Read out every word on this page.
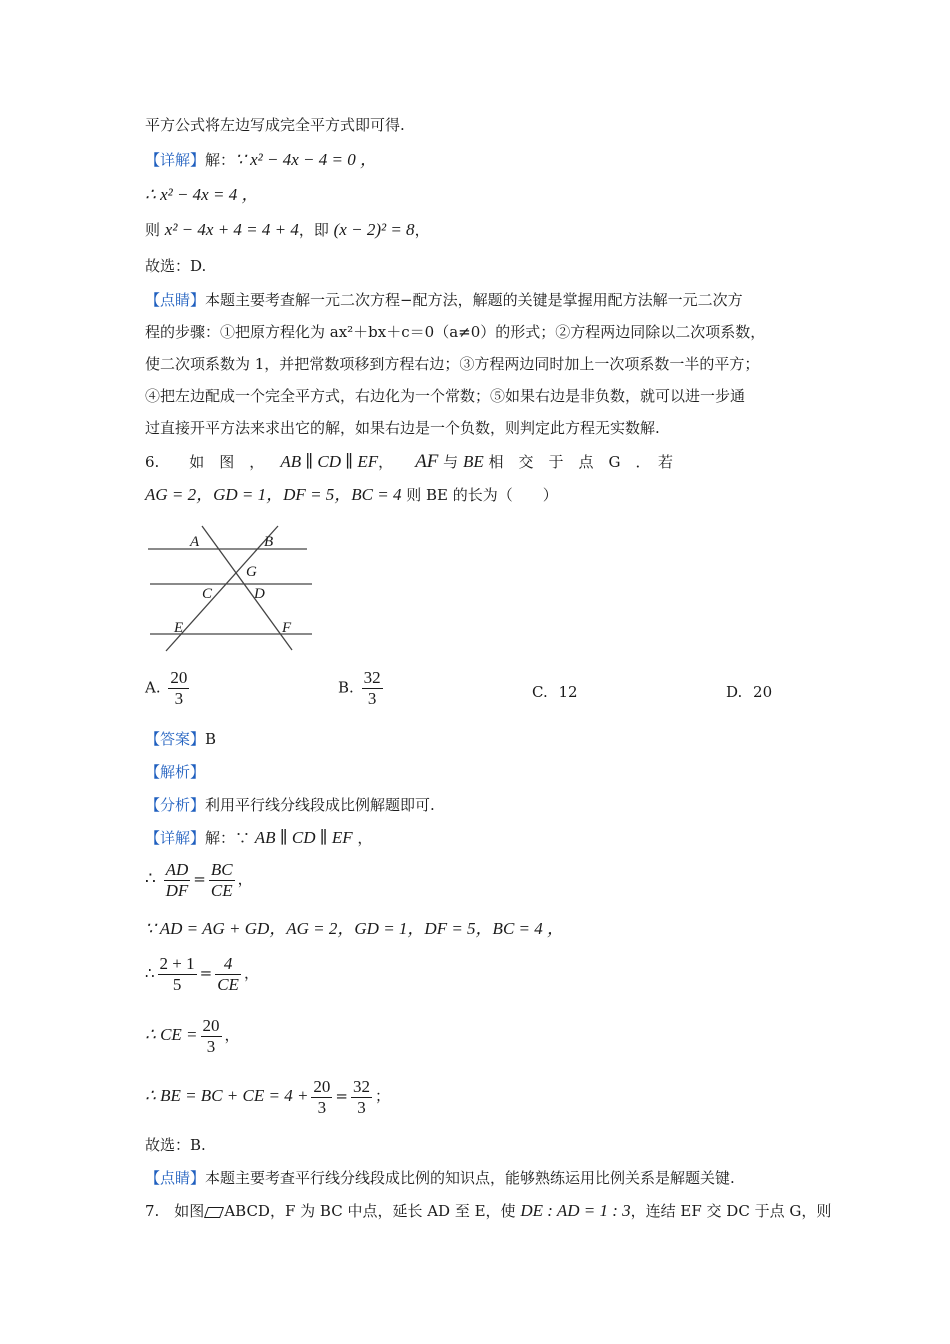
平方公式将左边写成完全平方式即可得.
【详解】解：∵ x² − 4x − 4 = 0 ，
∴ x² − 4x = 4 ，
则 x² − 4x + 4 = 4 + 4，即 (x − 2)² = 8，
故选：D.
【点睛】本题主要考查解一元二次方程−配方法，解题的关键是掌握用配方法解一元二次方
程的步骤：①把原方程化为 ax²＋bx＋c＝0（a≠0）的形式；②方程两边同除以二次项系数，
使二次项系数为 1，并把常数项移到方程右边；③方程两边同时加上一次项系数一半的平方；
④把左边配成一个完全平方式，右边化为一个常数；⑤如果右边是非负数，就可以进一步通
过直接开平方法来求出它的解，如果右边是一个负数，则判定此方程无实数解.
6.　　如　图　， AB ∥ CD ∥ EF， AF 与 BE 相　交　于　点　G　．　若
AG = 2，GD = 1，DF = 5，BC = 4 则 BE 的长为（　　）
A	B
G
C	D
E	F
A. $\frac{20}{3}$	B. $\frac{32}{3}$	C. 12	D. 20
【答案】B
【解析】
【分析】利用平行线分线段成比例解题即可.
【详解】解：∵ AB ∥ CD ∥ EF ，
∴ $\frac{AD}{DF} = \frac{BC}{CE}$ ，
∵ AD = AG + GD，AG = 2，GD = 1，DF = 5，BC = 4 ，
∴ $\frac{2 + 1}{5} = \frac{4}{CE}$ ，
∴ CE = $\frac{20}{3}$ ，
∴ BE = BC + CE = $4 + \frac{20}{3} = \frac{32}{3}$ ；
故选：B.
【点睛】本题主要考查平行线分线段成比例的知识点，能够熟练运用比例关系是解题关键.
7.　如图 ABCD，F 为 BC 中点，延长 AD 至 E，使 DE : AD = 1 : 3，连结 EF 交 DC 于点 G，则
